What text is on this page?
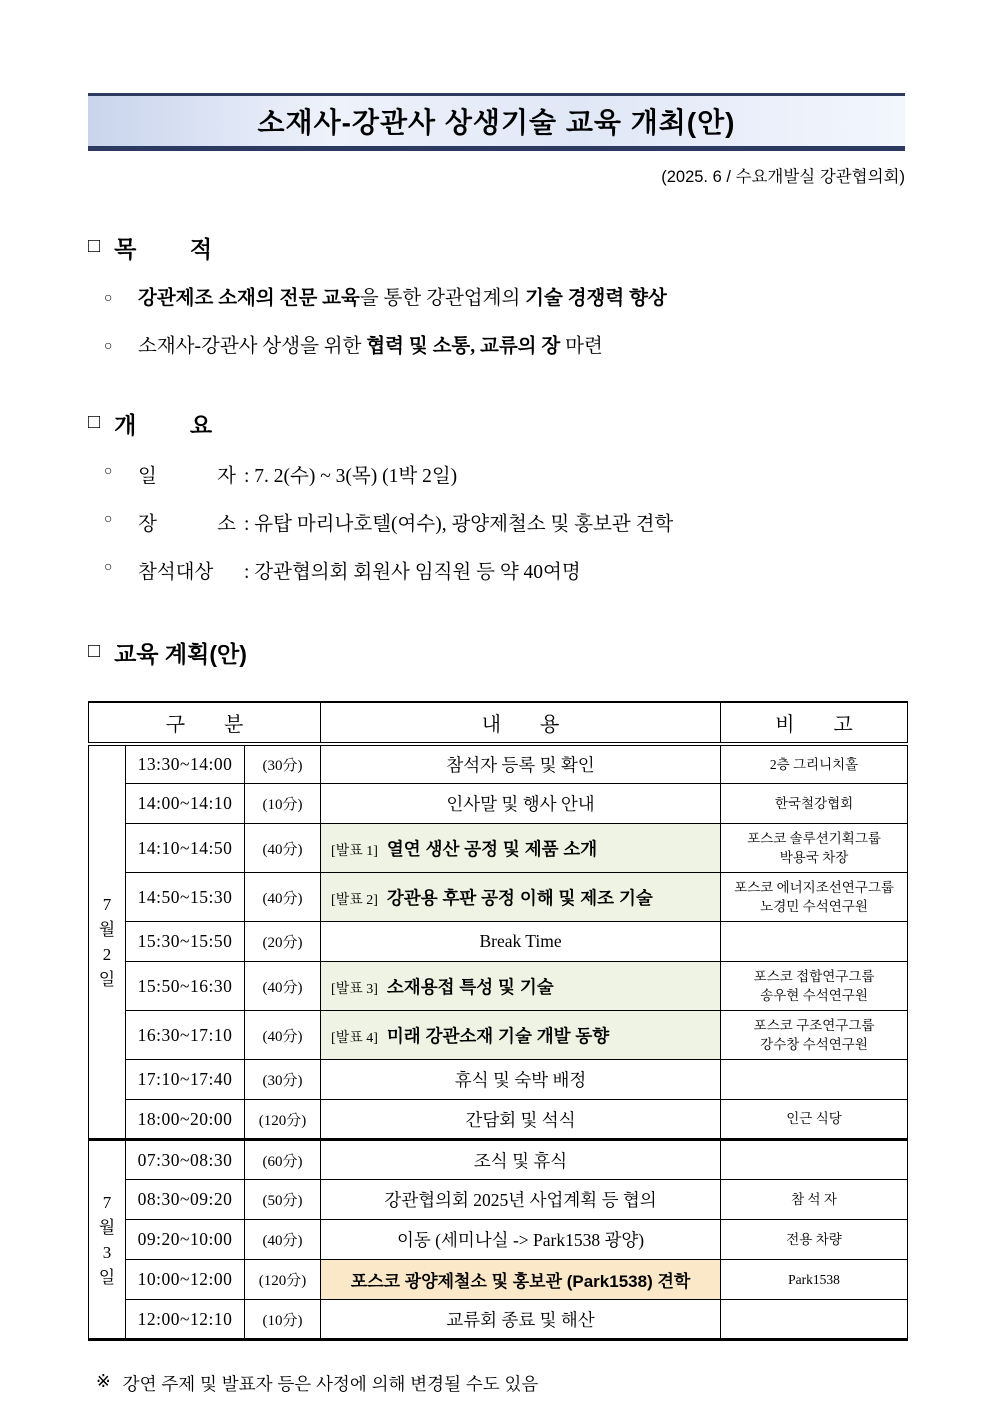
소재사-강관사 상생기술 교육 개최(안)
(2025. 6 / 수요개발실 강관협의회)
□ 목 적
○	강관제조 소재의 전문 교육을 통한 강관업계의 기술 경쟁력 향상
○	소재사-강관사 상생을 위한 협력 및 소통, 교류의 장 마련
□ 개 요
○	일 자 : 7. 2(수) ~ 3(목) (1박 2일)
○	장 소 : 유탑 마리나호텔(여수), 광양제철소 및 홍보관 견학
○	참석대상	: 강관협의회 회원사 임직원 등 약 40여명
□ 교육 계획(안)
구 분			내 용	비 고

7
월
2
일	13:30~14:00	(30分)	참석자 등록 및 확인	2층 그리니치홀

	14:00~14:10	(10分)	인사말 및 행사 안내	한국철강협회

	14:10~14:50	(40分)	[발표 1] 열연 생산 공정 및 제품 소개	포스코 솔루션기획그룹
박용국 차장

	14:50~15:30	(40分)	[발표 2] 강관용 후판 공정 이해 및 제조 기술	포스코 에너지조선연구그룹
노경민 수석연구원

	15:30~15:50	(20分)	Break Time	
	15:50~16:30	(40分)	[발표 3] 소재용접 특성 및 기술	포스코 접합연구그룹
송우현 수석연구원

	16:30~17:10	(40分)	[발표 4] 미래 강관소재 기술 개발 동향	포스코 구조연구그룹
강수창 수석연구원

	17:10~17:40	(30分)	휴식 및 숙박 배정	
	18:00~20:00	(120分)	간담회 및 석식	인근 식당

7
월
3
일	07:30~08:30	(60分)	조식 및 휴식	
	08:30~09:20	(50分)	강관협의회 2025년 사업계획 등 협의	참 석 자

	09:20~10:00	(40分)	이동 (세미나실 -> Park1538 광양)	전용 차량

	10:00~12:00	(120分)	포스코 광양제철소 및 홍보관 (Park1538) 견학	Park1538

	12:00~12:10	(10分)	교류회 종료 및 해산	
※ 강연 주제 및 발표자 등은 사정에 의해 변경될 수도 있음
